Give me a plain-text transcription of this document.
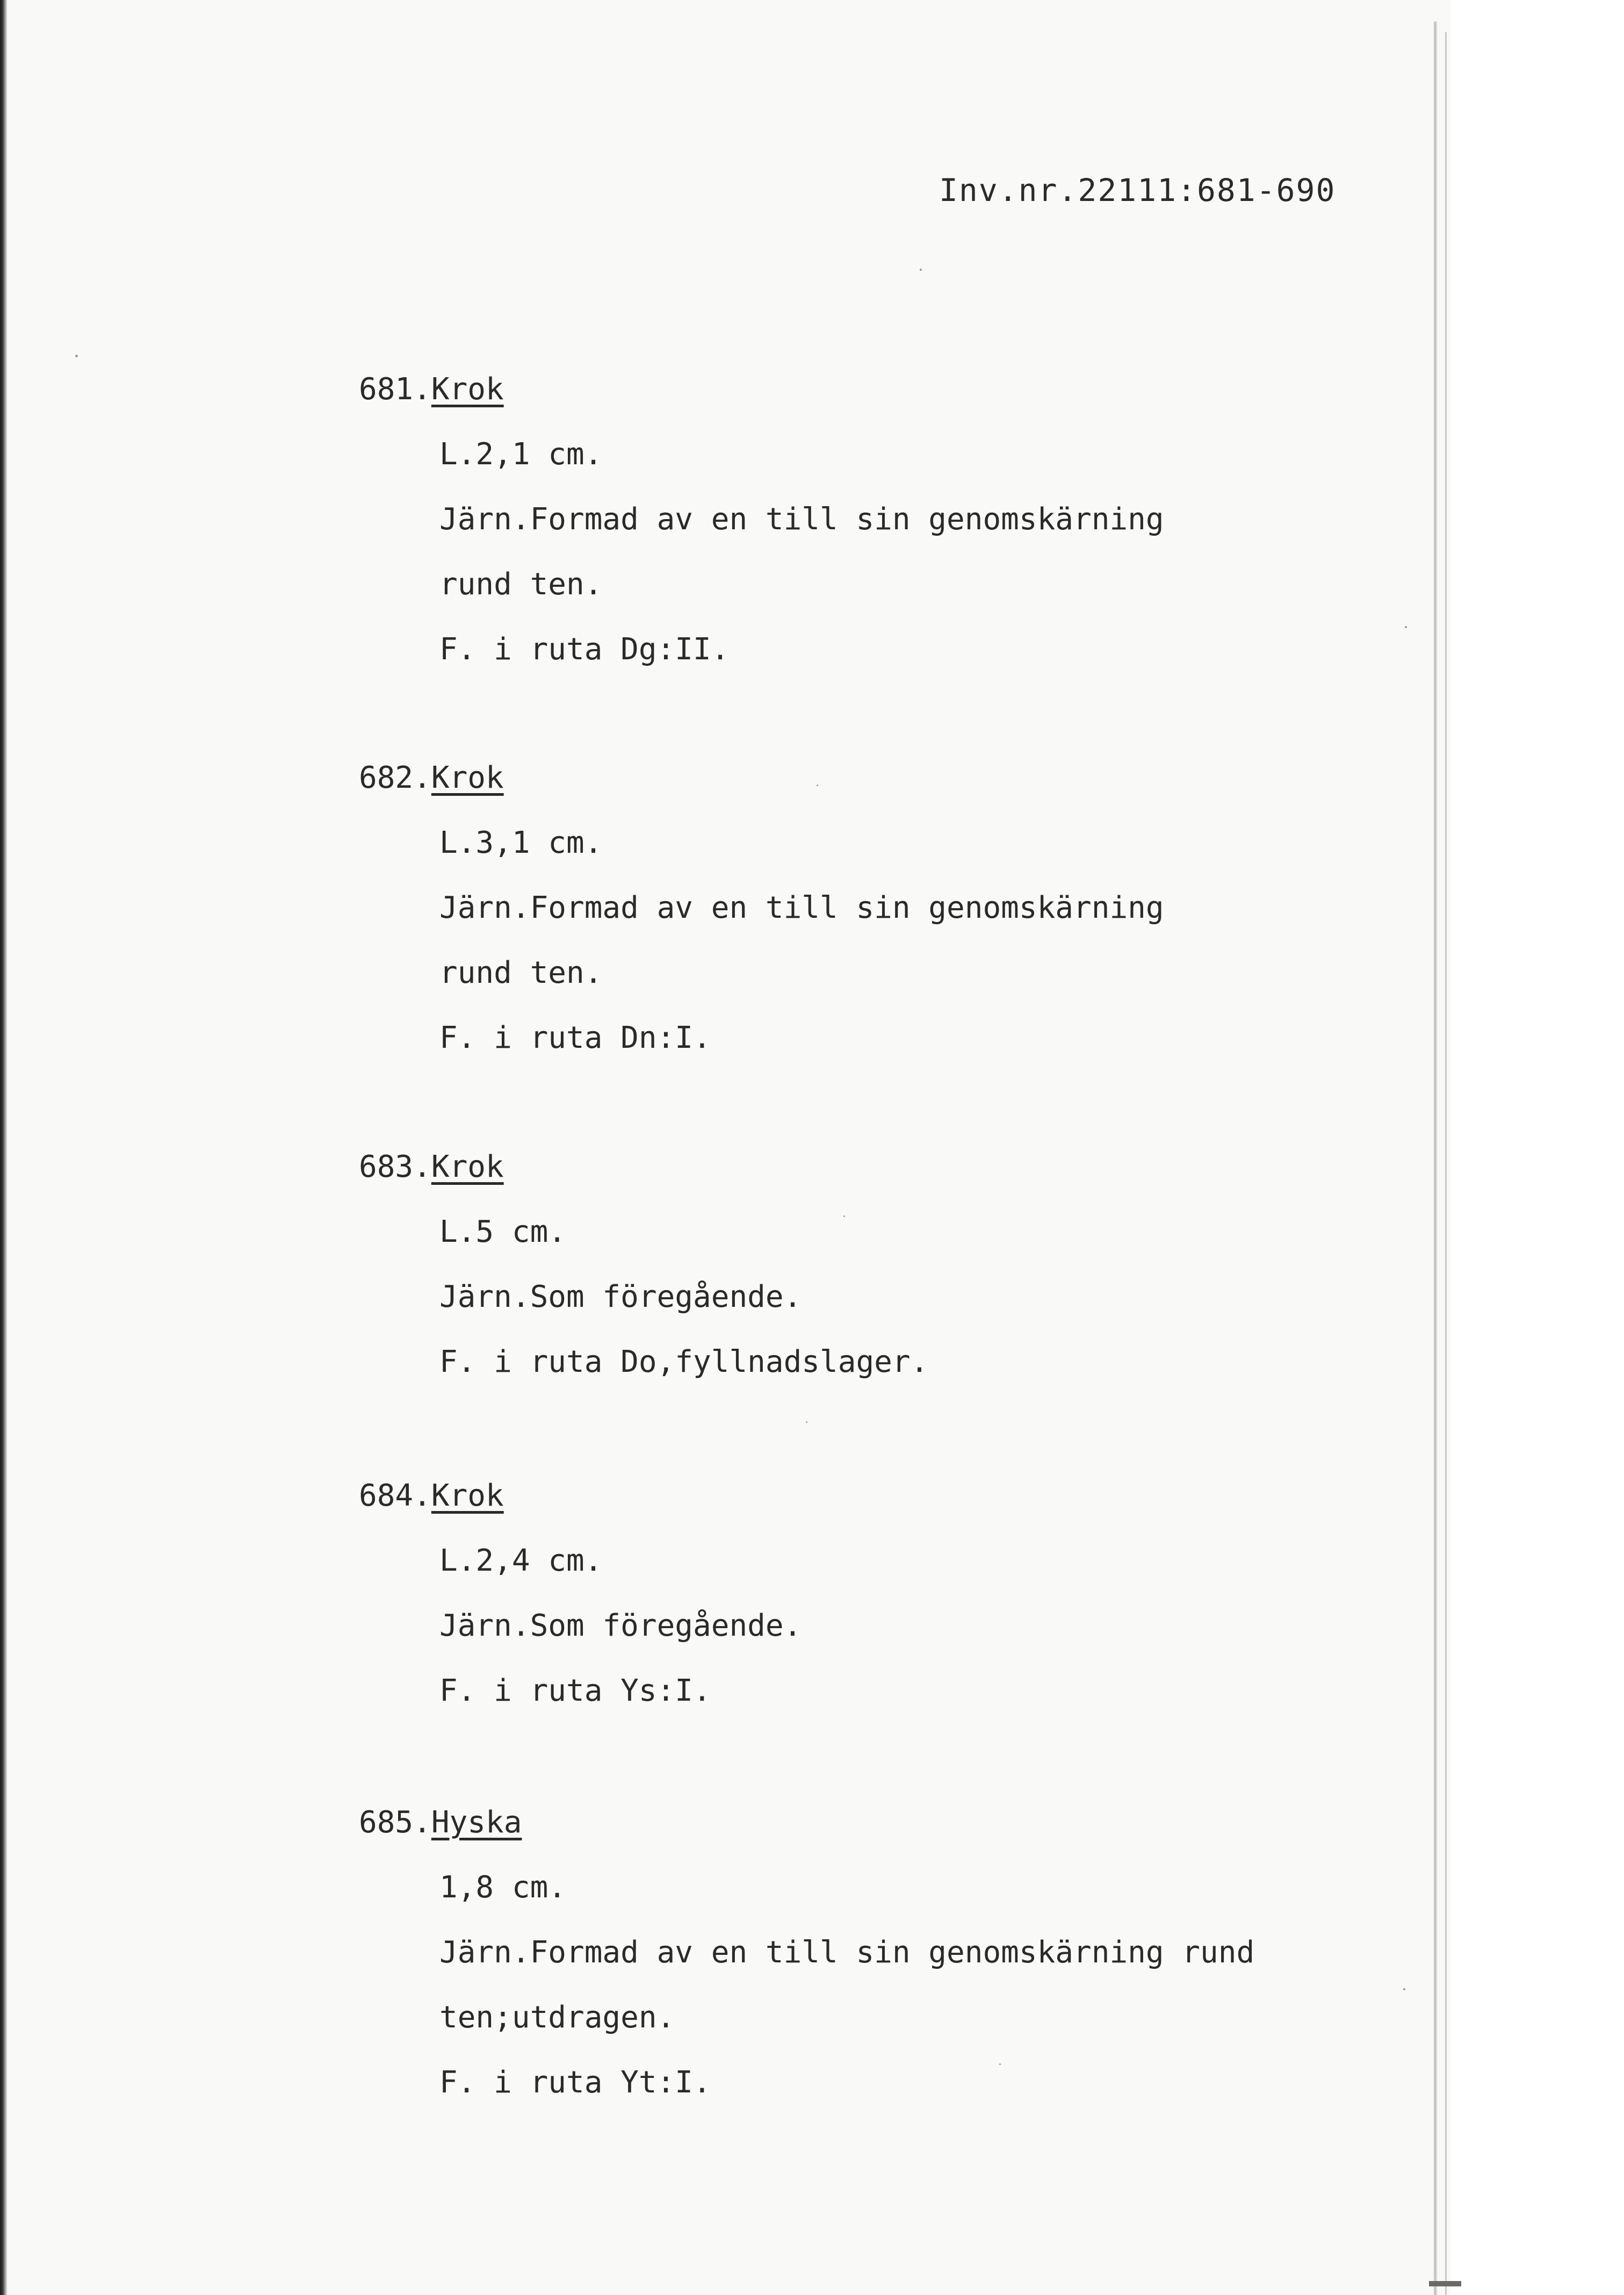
Inv.nr.22111:681-690
681.Krok
L.2,1 cm.
Järn.Formad av en till sin genomskärning
rund ten.
F. i ruta Dg:II.
682.Krok
L.3,1 cm.
Järn.Formad av en till sin genomskärning
rund ten.
F. i ruta Dn:I.
683.Krok
L.5 cm.
Järn.Som föregående.
F. i ruta Do,fyllnadslager.
684.Krok
L.2,4 cm.
Järn.Som föregående.
F. i ruta Ys:I.
685.Hyska
1,8 cm.
Järn.Formad av en till sin genomskärning rund
ten;utdragen.
F. i ruta Yt:I.
